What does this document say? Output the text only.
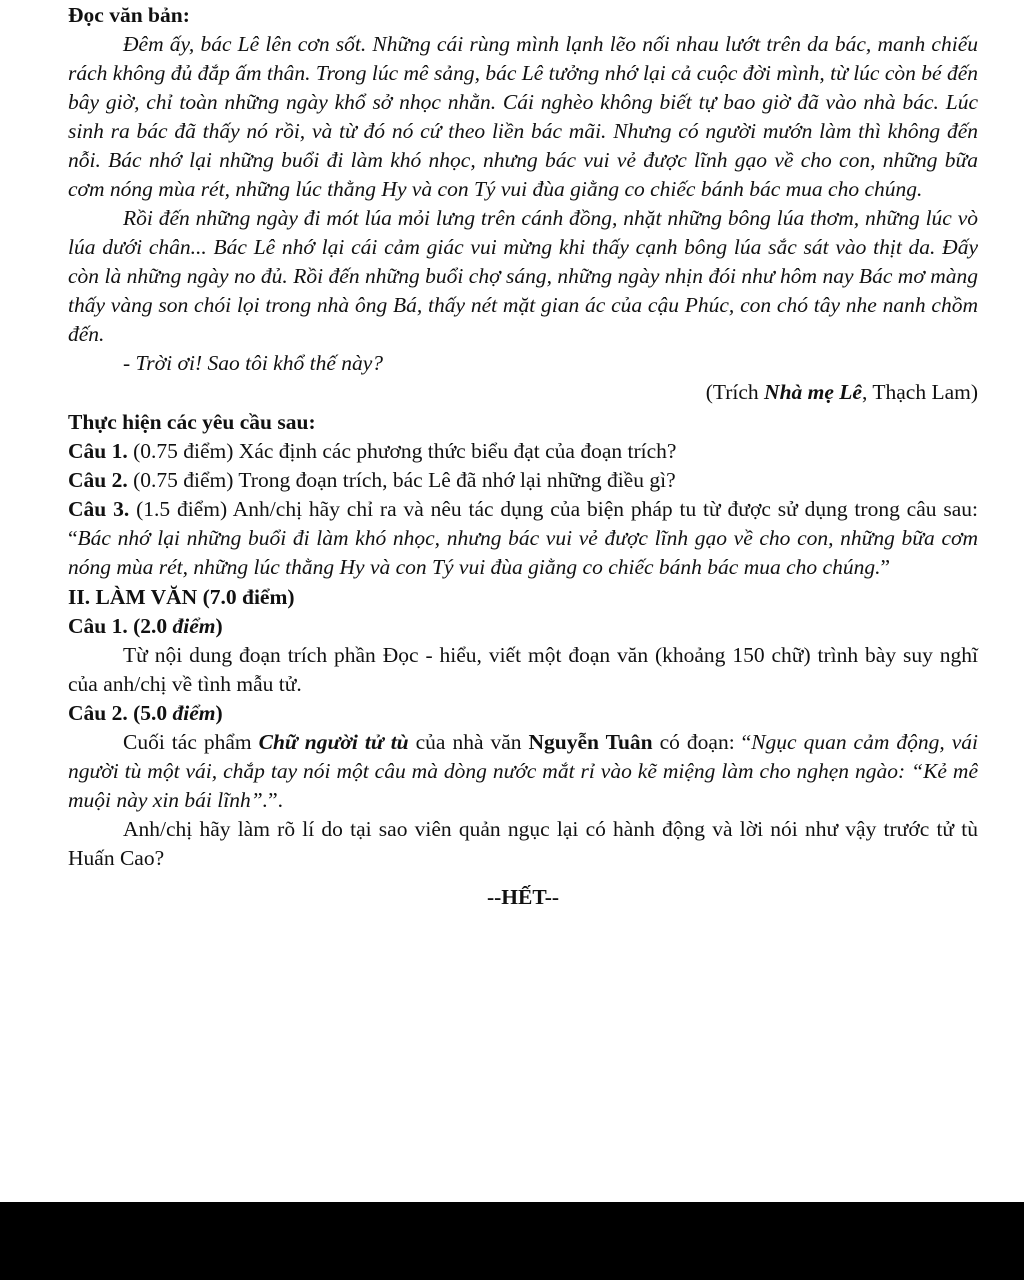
Đọc văn bản:

Đêm ấy, bác Lê lên cơn sốt. Những cái rùng mình lạnh lẽo nối nhau lướt trên da bác, manh chiếu rách không đủ đắp ấm thân. Trong lúc mê sảng, bác Lê tưởng nhớ lại cả cuộc đời mình, từ lúc còn bé đến bây giờ, chỉ toàn những ngày khổ sở nhọc nhằn. Cái nghèo không biết tự bao giờ đã vào nhà bác. Lúc sinh ra bác đã thấy nó rồi, và từ đó nó cứ theo liền bác mãi. Nhưng có người mướn làm thì không đến nỗi. Bác nhớ lại những buổi đi làm khó nhọc, nhưng bác vui vẻ được lĩnh gạo về cho con, những bữa cơm nóng mùa rét, những lúc thằng Hy và con Tý vui đùa giằng co chiếc bánh bác mua cho chúng.

Rồi đến những ngày đi mót lúa mỏi lưng trên cánh đồng, nhặt những bông lúa thơm, những lúc vò lúa dưới chân... Bác Lê nhớ lại cái cảm giác vui mừng khi thấy cạnh bông lúa sắc sát vào thịt da. Đấy còn là những ngày no đủ. Rồi đến những buổi chợ sáng, những ngày nhịn đói như hôm nay Bác mơ màng thấy vàng son chói lọi trong nhà ông Bá, thấy nét mặt gian ác của cậu Phúc, con chó tây nhe nanh chồm đến.

- Trời ơi! Sao tôi khổ thế này?

(Trích Nhà mẹ Lê, Thạch Lam)

Thực hiện các yêu cầu sau:

Câu 1. (0.75 điểm) Xác định các phương thức biểu đạt của đoạn trích?

Câu 2. (0.75 điểm) Trong đoạn trích, bác Lê đã nhớ lại những điều gì?

Câu 3. (1.5 điểm) Anh/chị hãy chỉ ra và nêu tác dụng của biện pháp tu từ được sử dụng trong câu sau: “Bác nhớ lại những buổi đi làm khó nhọc, nhưng bác vui vẻ được lĩnh gạo về cho con, những bữa cơm nóng mùa rét, những lúc thằng Hy và con Tý vui đùa giằng co chiếc bánh bác mua cho chúng.”

II. LÀM VĂN (7.0 điểm)

Câu 1. (2.0 điểm)

Từ nội dung đoạn trích phần Đọc - hiểu, viết một đoạn văn (khoảng 150 chữ) trình bày suy nghĩ của anh/chị về tình mẫu tử.

Câu 2. (5.0 điểm)

Cuối tác phẩm Chữ người tử tù của nhà văn Nguyễn Tuân có đoạn: “Ngục quan cảm động, vái người tù một vái, chắp tay nói một câu mà dòng nước mắt rỉ vào kẽ miệng làm cho nghẹn ngào: “Kẻ mê muội này xin bái lĩnh”.”.

Anh/chị hãy làm rõ lí do tại sao viên quản ngục lại có hành động và lời nói như vậy trước tử tù Huấn Cao?

--HẾT--
